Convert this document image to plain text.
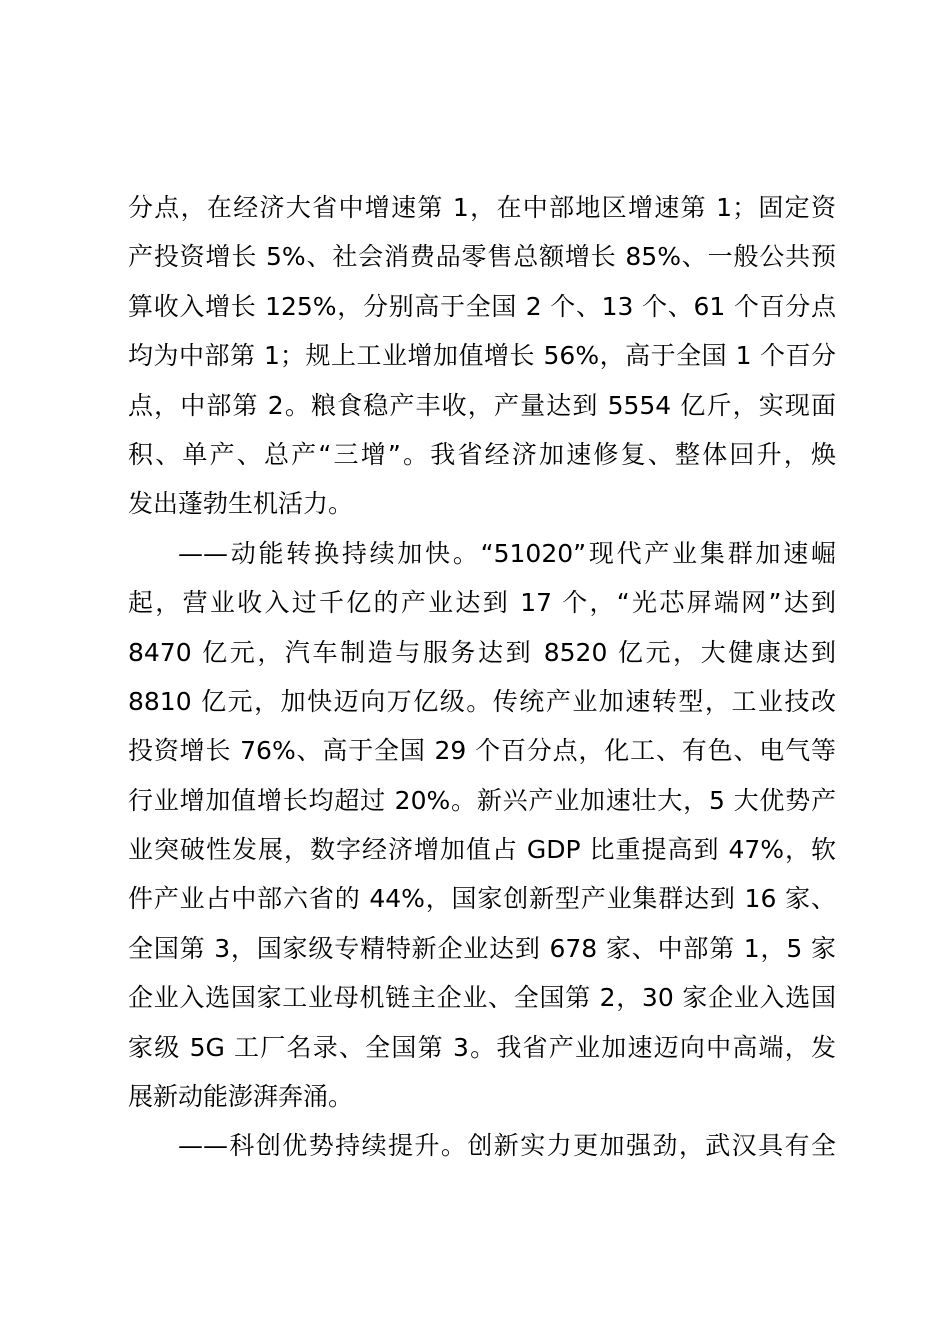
分点，在经济大省中增速第 1，在中部地区增速第 1；固定资
产投资增长 5%、社会消费品零售总额增长 85%、一般公共预
算收入增长 125%，分别高于全国 2 个、13 个、61 个百分点
均为中部第 1；规上工业增加值增长 56%，高于全国 1 个百分
点，中部第 2。粮食稳产丰收，产量达到 5554 亿斤，实现面
积、单产、总产“三增”。我省经济加速修复、整体回升，焕
发出蓬勃生机活力。
——动能转换持续加快。“51020”现代产业集群加速崛
起，营业收入过千亿的产业达到 17 个，“光芯屏端网”达到
8470 亿元，汽车制造与服务达到 8520 亿元，大健康达到
8810 亿元，加快迈向万亿级。传统产业加速转型，工业技改
投资增长 76%、高于全国 29 个百分点，化工、有色、电气等
行业增加值增长均超过 20%。新兴产业加速壮大，5 大优势产
业突破性发展，数字经济增加值占 GDP 比重提高到 47%，软
件产业占中部六省的 44%，国家创新型产业集群达到 16 家、
全国第 3，国家级专精特新企业达到 678 家、中部第 1，5 家
企业入选国家工业母机链主企业、全国第 2，30 家企业入选国
家级 5G 工厂名录、全国第 3。我省产业加速迈向中高端，发
展新动能澎湃奔涌。
——科创优势持续提升。创新实力更加强劲，武汉具有全
